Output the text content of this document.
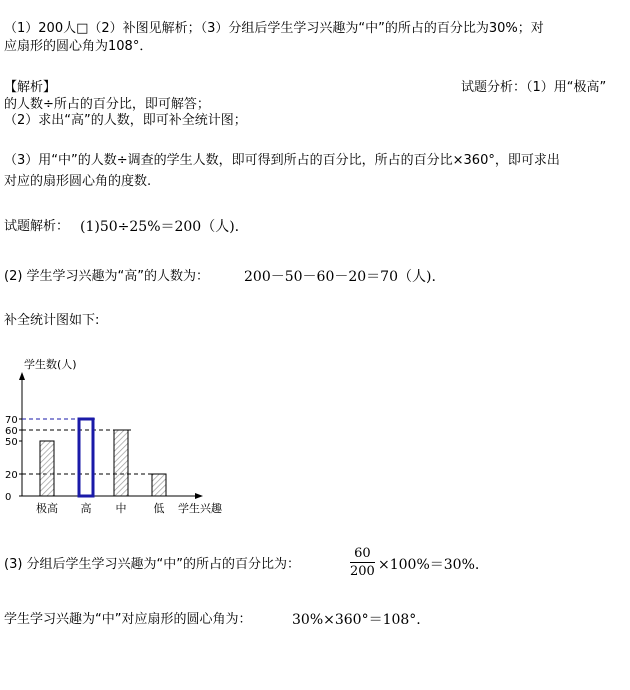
（1）200人□（2）补图见解析；（3）分组后学生学习兴趣为“中”的所占的百分比为30%；对
应扇形的圆心角为108°．
【解析】	试题分析：（1）用“极高”
的人数÷所占的百分比，即可解答；
（2）求出“高”的人数，即可补全统计图；
（3）用“中”的人数÷调查的学生人数，即可得到所占的百分比，所占的百分比×360°，即可求出
对应的扇形圆心角的度数.
试题解析： (1)50÷25%＝200（人).
(2) 学生学习兴趣为“高”的人数为： 200－50－60－20＝70（人).
补全统计图如下:
学生数(人)
学生兴趣
0
20
50
60
70
极高 高 中 低
(3) 分组后学生学习兴趣为“中”的所占的百分比为：	$\frac{60}{200} \times 100\%=30\%$.
学生学习兴趣为“中”对应扇形的圆心角为：	30%×360°＝108°.
